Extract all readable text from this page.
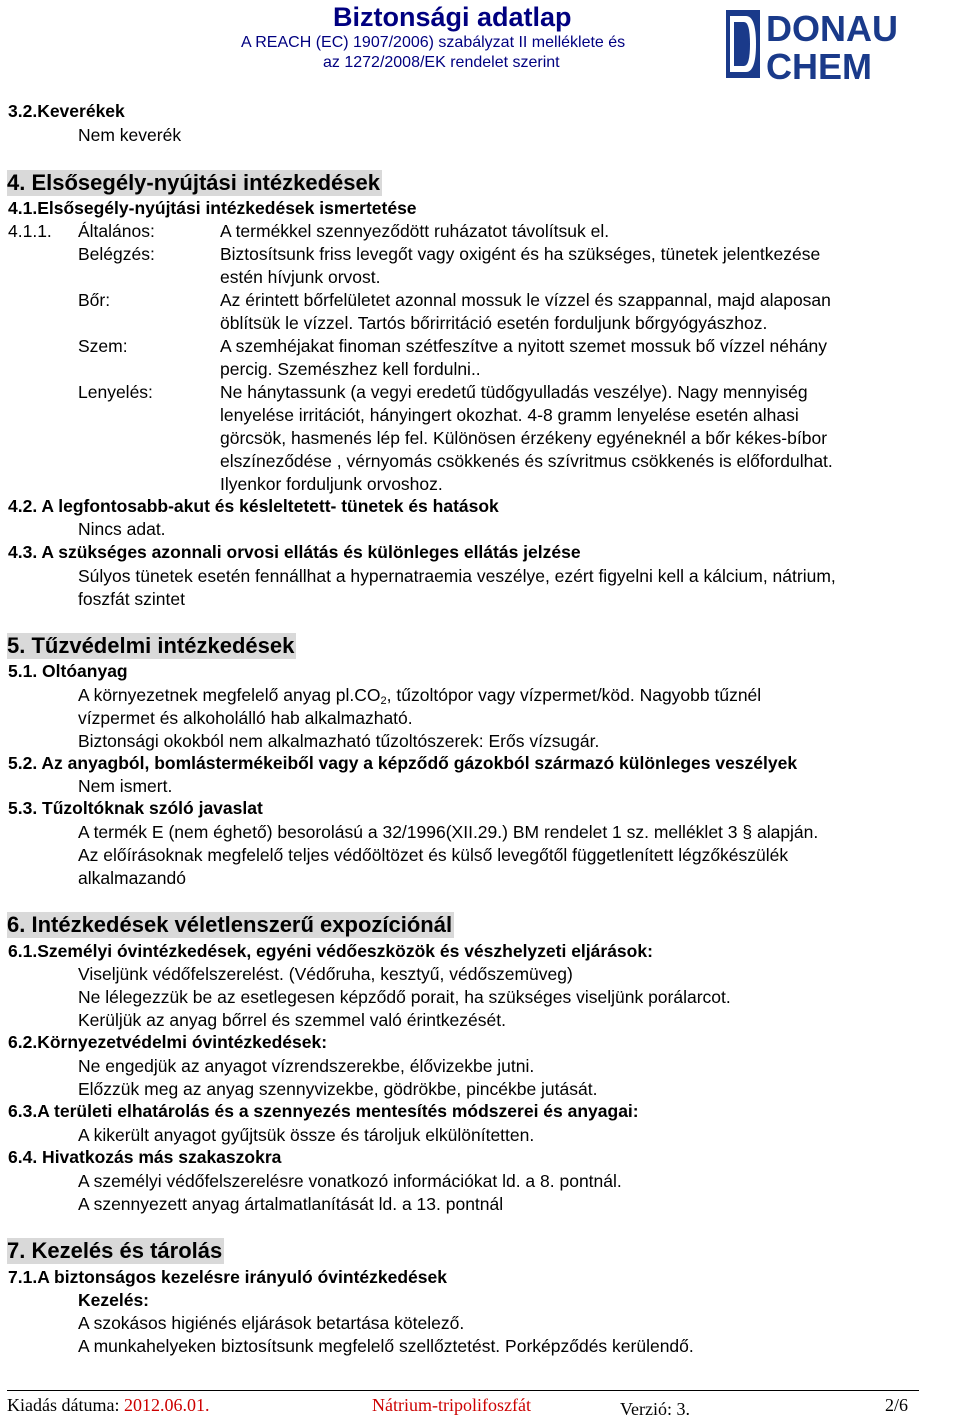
Biztonsági adatlap
A REACH (EC) 1907/2006) szabályzat II melléklete és
az 1272/2008/EK rendelet szerint
DONAU
CHEM
3.2.Keverékek
Nem keverék
4. Elsősegély-nyújtási intézkedések
4.1.Elsősegély-nyújtási intézkedések ismertetése
4.1.1. Általános:	A termékkel szennyeződött ruházatot távolítsuk el.
Belégzés:	Biztosítsunk friss levegőt vagy oxigént és ha szükséges, tünetek jelentkezése
estén hívjunk orvost.
Bőr:	Az érintett bőrfelületet azonnal mossuk le vízzel és szappannal, majd alaposan
öblítsük le vízzel. Tartós bőrirritáció esetén forduljunk bőrgyógyászhoz.
Szem:	A szemhéjakat finoman szétfeszítve a nyitott szemet mossuk bő vízzel néhány
percig. Szemészhez kell fordulni..
Lenyelés:	Ne hánytassunk (a vegyi eredetű tüdőgyulladás veszélye). Nagy mennyiség
lenyelése irritációt, hányingert okozhat. 4-8 gramm lenyelése esetén alhasi
görcsök, hasmenés lép fel. Különösen érzékeny egyéneknél a bőr kékes-bíbor
elszíneződése , vérnyomás csökkenés és szívritmus csökkenés is előfordulhat.
Ilyenkor forduljunk orvoshoz.
4.2. A legfontosabb-akut és késleltetett- tünetek és hatások
Nincs adat.
4.3. A szükséges azonnali orvosi ellátás és különleges ellátás jelzése
Súlyos tünetek esetén fennállhat a hypernatraemia veszélye, ezért figyelni kell a kálcium, nátrium,
foszfát szintet
5. Tűzvédelmi intézkedések
5.1. Oltóanyag
A környezetnek megfelelő anyag $pl.CO_2$, tűzoltópor vagy vízpermet/köd. Nagyobb tűznél
vízpermet és alkoholálló hab alkalmazható.
Biztonsági okokból nem alkalmazható tűzoltószerek: Erős vízsugár.
5.2. Az anyagból, bomlástermékeiből vagy a képződő gázokból származó különleges veszélyek
Nem ismert.
5.3. Tűzoltóknak szóló javaslat
A termék E (nem éghető) besorolású a 32/1996(XII.29.) BM rendelet 1 sz. melléklet 3 § alapján.
Az előírásoknak megfelelő teljes védőöltözet és külső levegőtől függetlenített légzőkészülék
alkalmazandó
6. Intézkedések véletlenszerű expozíciónál
6.1.Személyi óvintézkedések, egyéni védőeszközök és vészhelyzeti eljárások:
Viseljünk védőfelszerelést. (Védőruha, kesztyű, védőszemüveg)
Ne lélegezzük be az esetlegesen képződő porait, ha szükséges viseljünk porálarcot.
Kerüljük az anyag bőrrel és szemmel való érintkezését.
6.2.Környezetvédelmi óvintézkedések:
Ne engedjük az anyagot vízrendszerekbe, élővizekbe jutni.
Előzzük meg az anyag szennyvizekbe, gödrökbe, pincékbe jutását.
6.3.A területi elhatárolás és a szennyezés mentesítés módszerei és anyagai:
A kikerült anyagot gyűjtsük össze és tároljuk elkülönítetten.
6.4. Hivatkozás más szakaszokra
A személyi védőfelszerelésre vonatkozó információkat ld. a 8. pontnál.
A szennyezett anyag ártalmatlanítását ld. a 13. pontnál
7. Kezelés és tárolás
7.1.A biztonságos kezelésre irányuló óvintézkedések
Kezelés:
A szokásos higiénés eljárások betartása kötelező.
A munkahelyeken biztosítsunk megfelelő szellőztetést. Porképződés kerülendő.
Kiadás dátuma: 2012.06.01.	Nátrium-tripolifoszfát	Verzió: 3.	2/6
